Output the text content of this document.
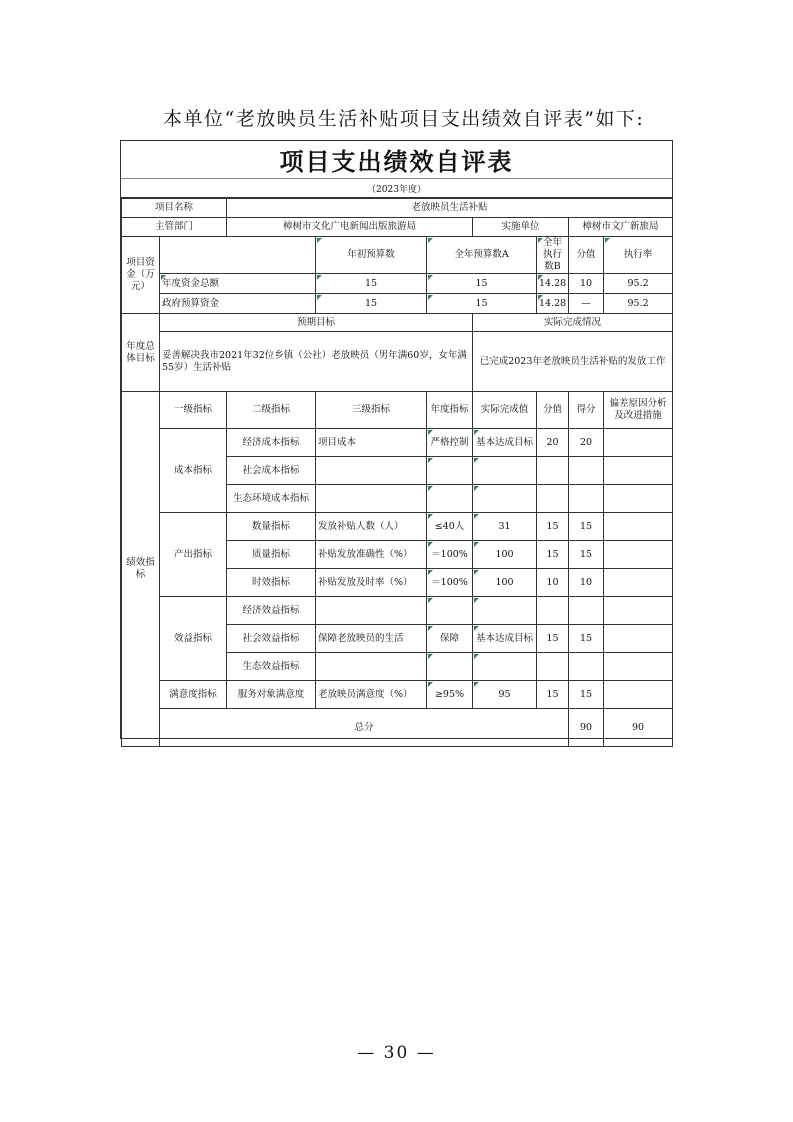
本单位“老放映员生活补贴项目支出绩效自评表”如下:
项目支出绩效自评表
（2023年度）
项目名称		老放映员生活补贴							
主管部门		樟树市文化广电新闻出版旅游局			实施单位		樟树市文广新旅局		
项目资金（万元）			年初预算数	全年预算数A		全年执行数B	分值	执行率	
	年度资金总额		15	15		14.28	10	95.2	
	政府预算资金		15	15		14.28	—	95.2	
年度总体目标	预期目标				实际完成情况				
	妥善解决我市2021年32位乡镇（公社）老放映员（男年满60岁，女年满55岁）生活补贴				已完成2023年老放映员生活补贴的发放工作				
绩效指标	一级指标	二级指标	三级指标	年度指标	实际完成值	分值	得分	偏差原因分析及改进措施	
	成本指标	经济成本指标	项目成本	严格控制	基本达成目标	20	20		
		社会成本指标							
		生态环境成本指标							
	产出指标	数量指标	发放补贴人数（人）	≤40人	31	15	15		
		质量指标	补贴发放准确性（%）	＝100%	100	15	15		
		时效指标	补贴发放及时率（%）	＝100%	100	10	10		
	效益指标	经济效益指标							
		社会效益指标	保障老放映员的生活	保障	基本达成目标	15	15		
		生态效益指标							
	满意度指标	服务对象满意度	老放映员满意度（%）	≥95%	95	15	15		
	总分						90	90	
— 30 —
